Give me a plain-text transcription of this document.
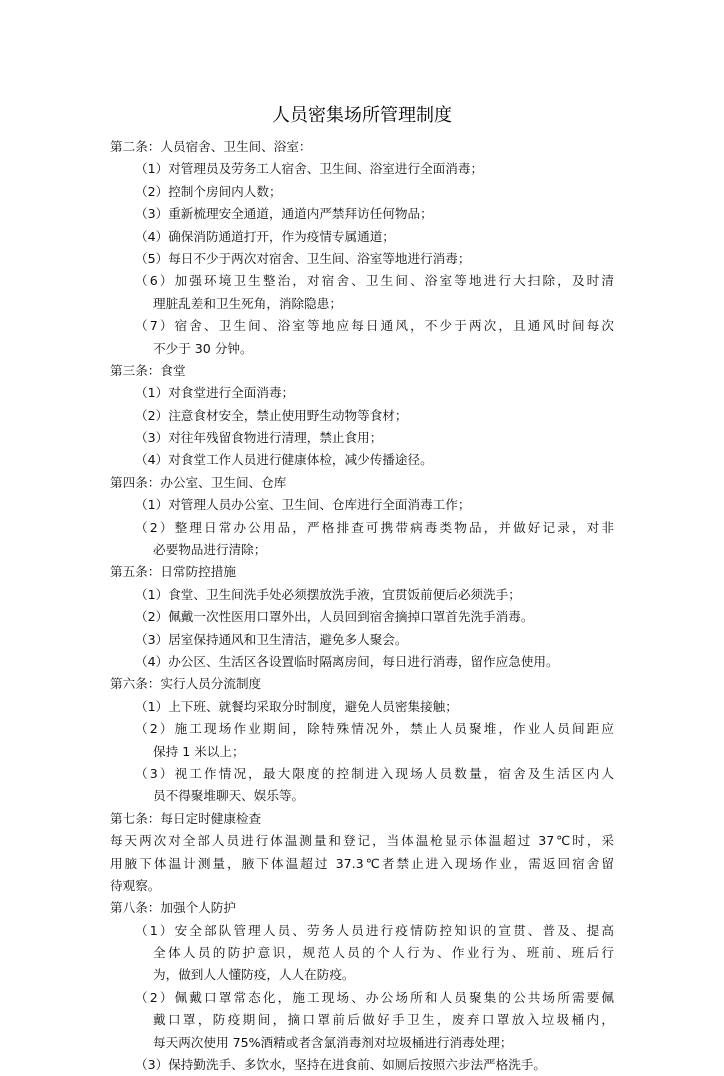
人员密集场所管理制度
第二条：人员宿舍、卫生间、浴室：
（1）对管理员及劳务工人宿舍、卫生间、浴室进行全面消毒；
（2）控制个房间内人数；
（3）重新梳理安全通道，通道内严禁拜访任何物品；
（4）确保消防通道打开，作为疫情专属通道；
（5）每日不少于两次对宿舍、卫生间、浴室等地进行消毒；
（6）加强环境卫生整治，对宿舍、卫生间、浴室等地进行大扫除，及时清
理脏乱差和卫生死角，消除隐患；
（7）宿舍、卫生间、浴室等地应每日通风，不少于两次，且通风时间每次
不少于 30 分钟。
第三条：食堂
（1）对食堂进行全面消毒；
（2）注意食材安全，禁止使用野生动物等食材；
（3）对往年残留食物进行清理，禁止食用；
（4）对食堂工作人员进行健康体检，减少传播途径。
第四条：办公室、卫生间、仓库
（1）对管理人员办公室、卫生间、仓库进行全面消毒工作；
（2）整理日常办公用品，严格排查可携带病毒类物品，并做好记录，对非
必要物品进行清除；
第五条：日常防控措施
（1）食堂、卫生间洗手处必须摆放洗手液，宜贯饭前便后必须洗手；
（2）佩戴一次性医用口罩外出，人员回到宿舍摘掉口罩首先洗手消毒。
（3）居室保持通风和卫生清洁，避免多人聚会。
（4）办公区、生活区各设置临时隔离房间，每日进行消毒，留作应急使用。
第六条：实行人员分流制度
（1）上下班、就餐均采取分时制度，避免人员密集接触；
（2）施工现场作业期间，除特殊情况外，禁止人员聚堆，作业人员间距应
保持 1 米以上；
（3）视工作情况，最大限度的控制进入现场人员数量，宿舍及生活区内人
员不得聚堆聊天、娱乐等。
第七条：每日定时健康检查
每天两次对全部人员进行体温测量和登记，当体温枪显示体温超过 37℃时，采
用腋下体温计测量，腋下体温超过 37.3℃者禁止进入现场作业，需返回宿舍留
待观察。
第八条：加强个人防护
（1）安全部队管理人员、劳务人员进行疫情防控知识的宣贯、普及、提高
全体人员的防护意识，规范人员的个人行为、作业行为、班前、班后行
为，做到人人懂防疫，人人在防疫。
（2）佩戴口罩常态化，施工现场、办公场所和人员聚集的公共场所需要佩
戴口罩，防疫期间，摘口罩前后做好手卫生，废弃口罩放入垃圾桶内，
每天两次使用 75%酒精或者含氯消毒剂对垃圾桶进行消毒处理；
（3）保持勤洗手、多饮水，坚持在进食前、如厕后按照六步法严格洗手。
